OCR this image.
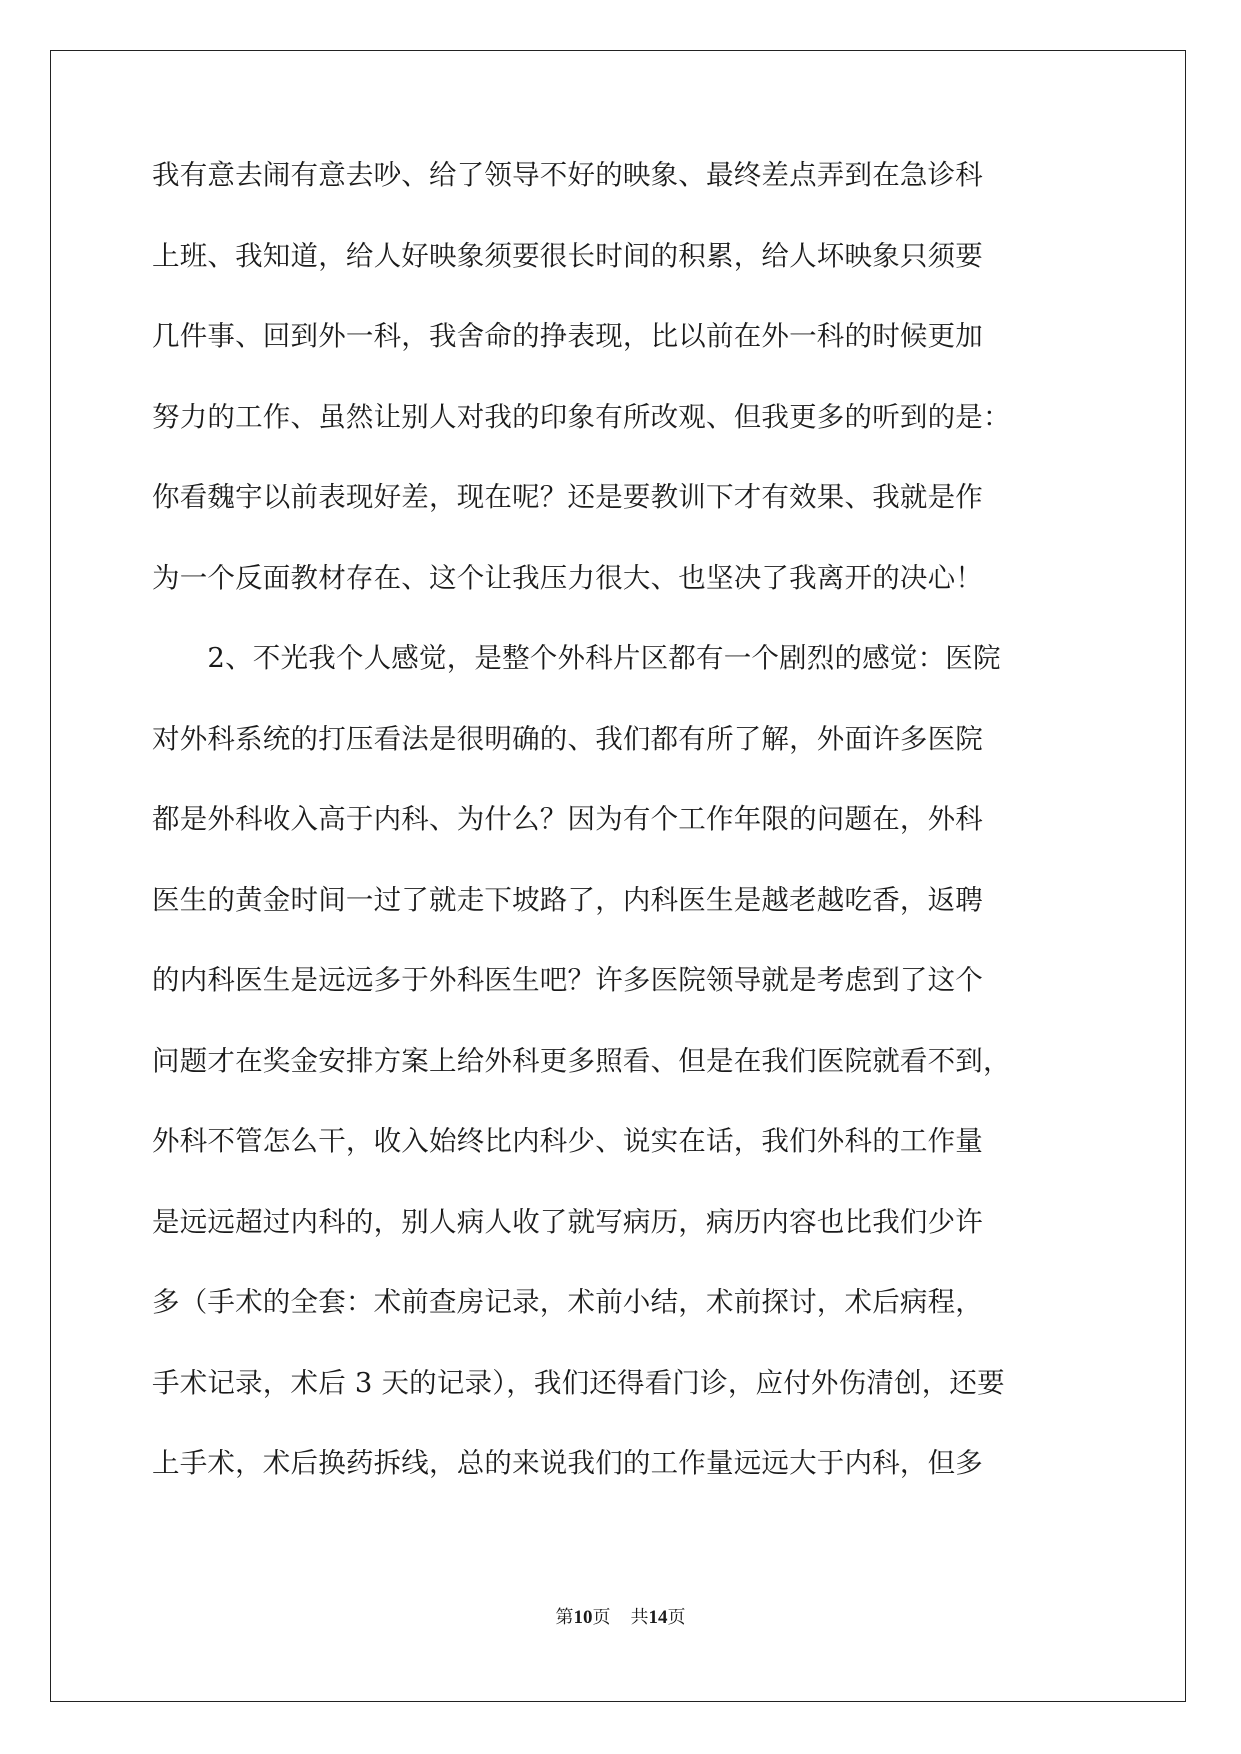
我有意去闹有意去吵、给了领导不好的映象、最终差点弄到在急诊科
上班、我知道，给人好映象须要很长时间的积累，给人坏映象只须要
几件事、回到外一科，我舍命的挣表现，比以前在外一科的时候更加
努力的工作、虽然让别人对我的印象有所改观、但我更多的听到的是：
你看魏宇以前表现好差，现在呢？还是要教训下才有效果、我就是作
为一个反面教材存在、这个让我压力很大、也坚决了我离开的决心！
　　2、不光我个人感觉，是整个外科片区都有一个剧烈的感觉：医院
对外科系统的打压看法是很明确的、我们都有所了解，外面许多医院
都是外科收入高于内科、为什么？因为有个工作年限的问题在，外科
医生的黄金时间一过了就走下坡路了，内科医生是越老越吃香，返聘
的内科医生是远远多于外科医生吧？许多医院领导就是考虑到了这个
问题才在奖金安排方案上给外科更多照看、但是在我们医院就看不到，
外科不管怎么干，收入始终比内科少、说实在话，我们外科的工作量
是远远超过内科的，别人病人收了就写病历，病历内容也比我们少许
多（手术的全套：术前查房记录，术前小结，术前探讨，术后病程，
手术记录，术后 3 天的记录），我们还得看门诊，应付外伤清创，还要
上手术，术后换药拆线，总的来说我们的工作量远远大于内科，但多
第10页 共14页
